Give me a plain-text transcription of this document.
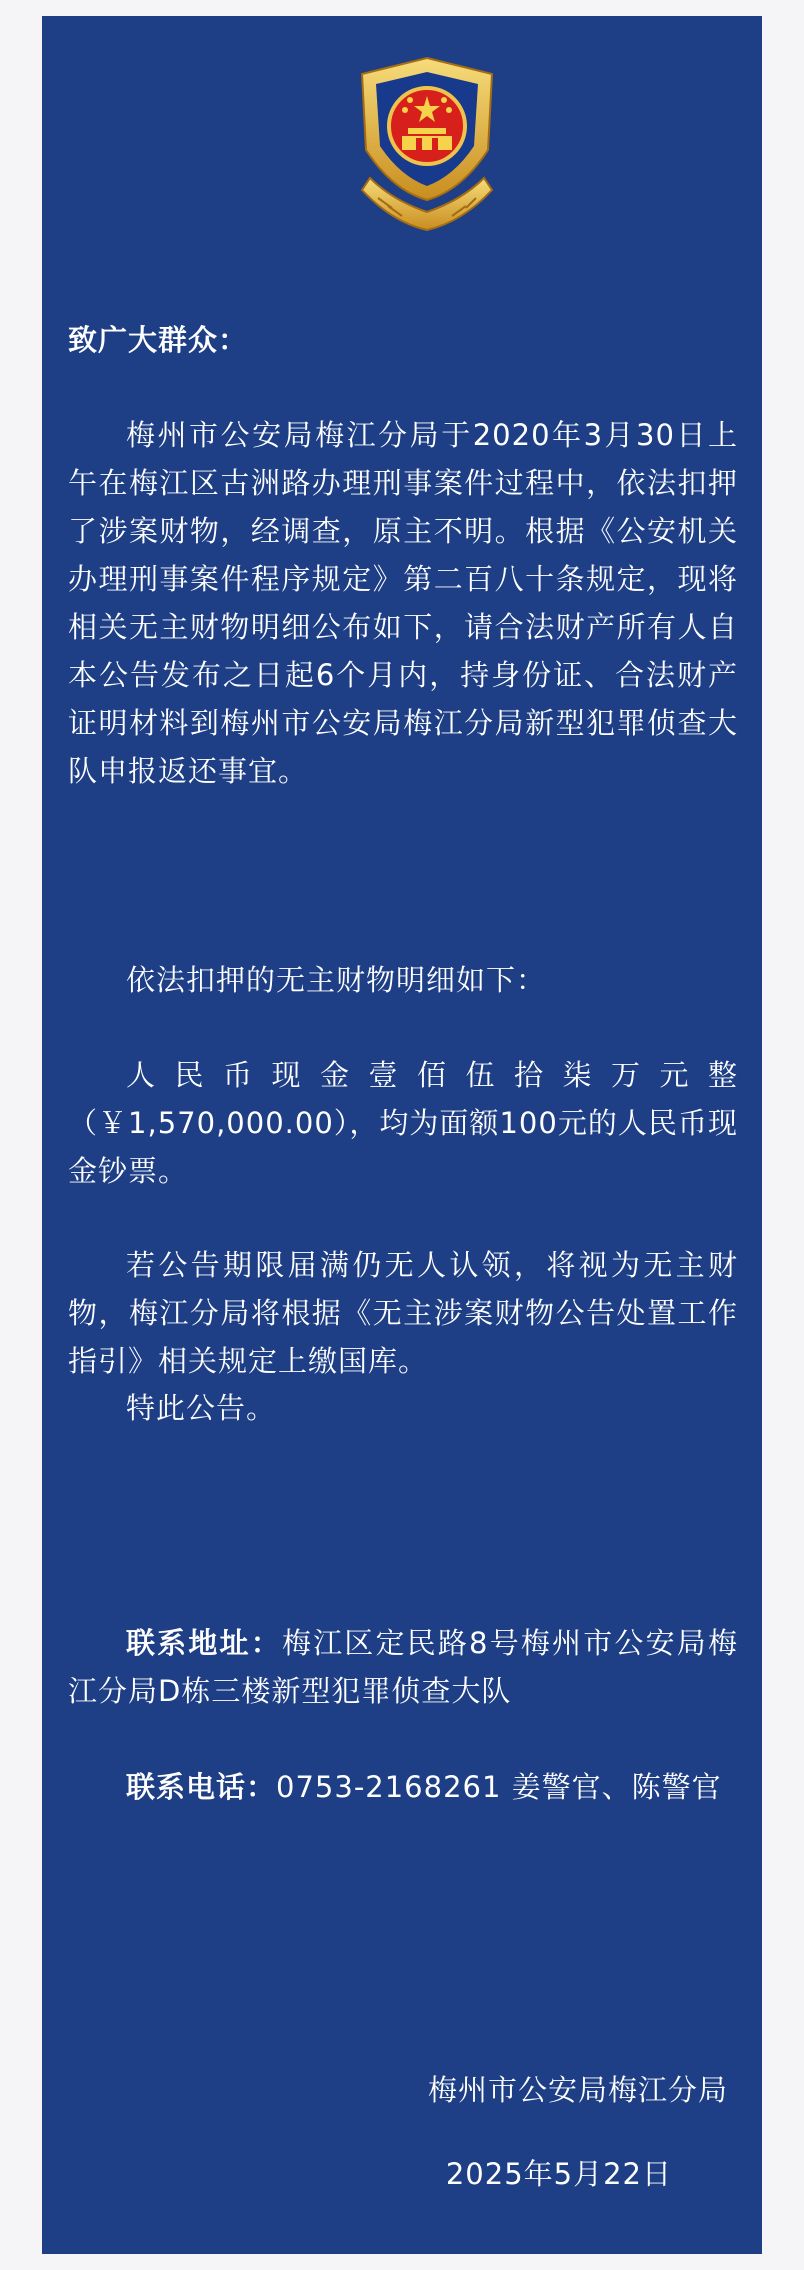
致广大群众：
梅州市公安局梅江分局于2020年3月30日上午在梅江区古洲路办理刑事案件过程中，依法扣押了涉案财物，经调查，原主不明。根据《公安机关办理刑事案件程序规定》第二百八十条规定，现将相关无主财物明细公布如下，请合法财产所有人自本公告发布之日起6个月内，持身份证、合法财产证明材料到梅州市公安局梅江分局新型犯罪侦查大队申报返还事宜。
依法扣押的无主财物明细如下：
人民币现金壹佰伍拾柒万元整（￥1,570,000.00），均为面额100元的人民币现金钞票。
若公告期限届满仍无人认领，将视为无主财物，梅江分局将根据《无主涉案财物公告处置工作指引》相关规定上缴国库。
特此公告。
联系地址：梅江区定民路8号梅州市公安局梅江分局D栋三楼新型犯罪侦查大队
联系电话：0753-2168261 姜警官、陈警官
梅州市公安局梅江分局
2025年5月22日
